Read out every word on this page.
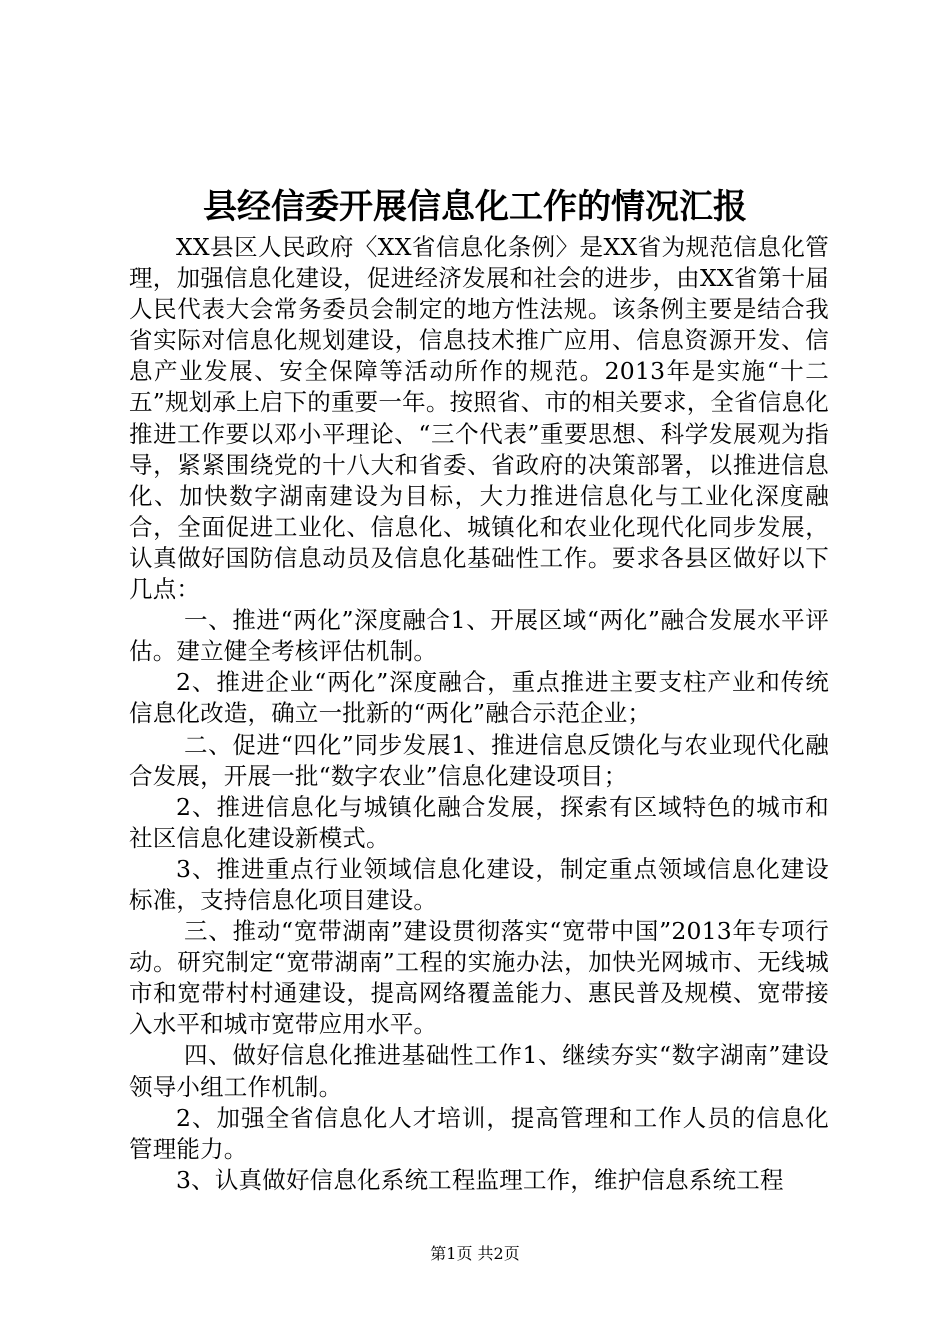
县经信委开展信息化工作的情况汇报

XX县区人民政府〈XX省信息化条例〉是XX省为规范信息化管理，加强信息化建设，促进经济发展和社会的进步，由XX省第十届人民代表大会常务委员会制定的地方性法规。该条例主要是结合我省实际对信息化规划建设，信息技术推广应用、信息资源开发、信息产业发展、安全保障等活动所作的规范。2013年是实施“十二五”规划承上启下的重要一年。按照省、市的相关要求，全省信息化推进工作要以邓小平理论、“三个代表”重要思想、科学发展观为指导，紧紧围绕党的十八大和省委、省政府的决策部署，以推进信息化、加快数字湖南建设为目标，大力推进信息化与工业化深度融合，全面促进工业化、信息化、城镇化和农业化现代化同步发展，认真做好国防信息动员及信息化基础性工作。要求各县区做好以下几点：

一、推进“两化”深度融合1、开展区域“两化”融合发展水平评估。建立健全考核评估机制。

2、推进企业“两化”深度融合，重点推进主要支柱产业和传统信息化改造，确立一批新的“两化”融合示范企业；

二、促进“四化”同步发展1、推进信息反馈化与农业现代化融合发展，开展一批“数字农业”信息化建设项目；

2、推进信息化与城镇化融合发展，探索有区域特色的城市和社区信息化建设新模式。

3、推进重点行业领域信息化建设，制定重点领域信息化建设标准，支持信息化项目建设。

三、推动“宽带湖南”建设贯彻落实“宽带中国”2013年专项行动。研究制定“宽带湖南”工程的实施办法，加快光网城市、无线城市和宽带村村通建设，提高网络覆盖能力、惠民普及规模、宽带接入水平和城市宽带应用水平。

四、做好信息化推进基础性工作1、继续夯实“数字湖南”建设领导小组工作机制。

2、加强全省信息化人才培训，提高管理和工作人员的信息化管理能力。

3、认真做好信息化系统工程监理工作，维护信息系统工程

第1页 共2页
